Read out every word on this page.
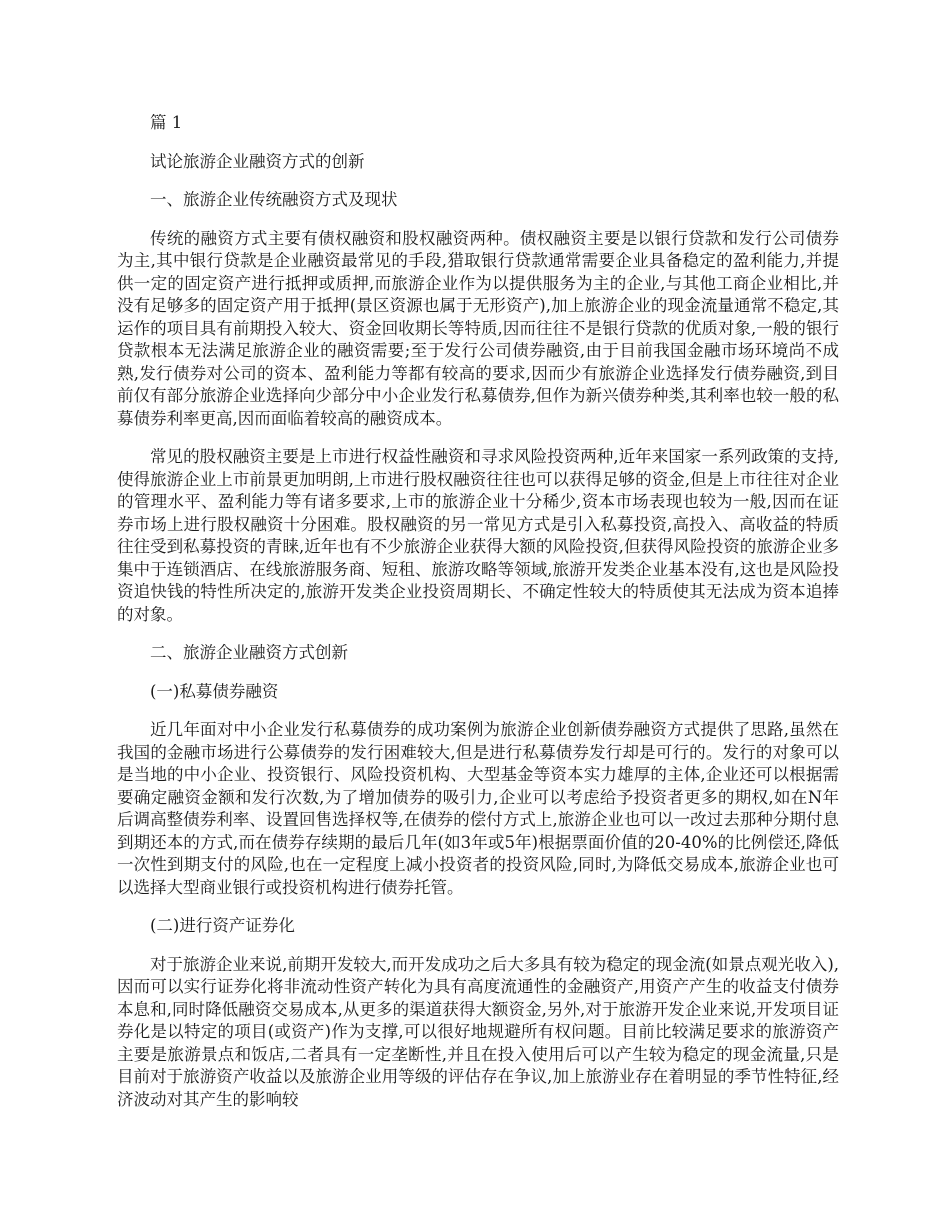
篇 1

试论旅游企业融资方式的创新

一、旅游企业传统融资方式及现状

传统的融资方式主要有债权融资和股权融资两种。债权融资主要是以银行贷款和发行公司债券为主,其中银行贷款是企业融资最常见的手段,猎取银行贷款通常需要企业具备稳定的盈利能力,并提供一定的固定资产进行抵押或质押,而旅游企业作为以提供服务为主的企业,与其他工商企业相比,并没有足够多的固定资产用于抵押(景区资源也属于无形资产),加上旅游企业的现金流量通常不稳定,其运作的项目具有前期投入较大、资金回收期长等特质,因而往往不是银行贷款的优质对象,一般的银行贷款根本无法满足旅游企业的融资需要;至于发行公司债券融资,由于目前我国金融市场环境尚不成熟,发行债券对公司的资本、盈利能力等都有较高的要求,因而少有旅游企业选择发行债券融资,到目前仅有部分旅游企业选择向少部分中小企业发行私募债券,但作为新兴债券种类,其利率也较一般的私募债券利率更高,因而面临着较高的融资成本。

常见的股权融资主要是上市进行权益性融资和寻求风险投资两种,近年来国家一系列政策的支持,使得旅游企业上市前景更加明朗,上市进行股权融资往往也可以获得足够的资金,但是上市往往对企业的管理水平、盈利能力等有诸多要求,上市的旅游企业十分稀少,资本市场表现也较为一般,因而在证券市场上进行股权融资十分困难。股权融资的另一常见方式是引入私募投资,高投入、高收益的特质往往受到私募投资的青睐,近年也有不少旅游企业获得大额的风险投资,但获得风险投资的旅游企业多集中于连锁酒店、在线旅游服务商、短租、旅游攻略等领域,旅游开发类企业基本没有,这也是风险投资追快钱的特性所决定的,旅游开发类企业投资周期长、不确定性较大的特质使其无法成为资本追捧的对象。

二、旅游企业融资方式创新

(一)私募债券融资

近几年面对中小企业发行私募债券的成功案例为旅游企业创新债券融资方式提供了思路,虽然在我国的金融市场进行公募债券的发行困难较大,但是进行私募债券发行却是可行的。发行的对象可以是当地的中小企业、投资银行、风险投资机构、大型基金等资本实力雄厚的主体,企业还可以根据需要确定融资金额和发行次数,为了增加债券的吸引力,企业可以考虑给予投资者更多的期权,如在N年后调高整债券利率、设置回售选择权等,在债券的偿付方式上,旅游企业也可以一改过去那种分期付息到期还本的方式,而在债券存续期的最后几年(如3年或5年)根据票面价值的20-40%的比例偿还,降低一次性到期支付的风险,也在一定程度上减小投资者的投资风险,同时,为降低交易成本,旅游企业也可以选择大型商业银行或投资机构进行债券托管。

(二)进行资产证券化

对于旅游企业来说,前期开发较大,而开发成功之后大多具有较为稳定的现金流(如景点观光收入),因而可以实行证券化将非流动性资产转化为具有高度流通性的金融资产,用资产产生的收益支付债券本息和,同时降低融资交易成本,从更多的渠道获得大额资金,另外,对于旅游开发企业来说,开发项目证券化是以特定的项目(或资产)作为支撑,可以很好地规避所有权问题。目前比较满足要求的旅游资产主要是旅游景点和饭店,二者具有一定垄断性,并且在投入使用后可以产生较为稳定的现金流量,只是目前对于旅游资产收益以及旅游企业用等级的评估存在争议,加上旅游业存在着明显的季节性特征,经济波动对其产生的影响较
